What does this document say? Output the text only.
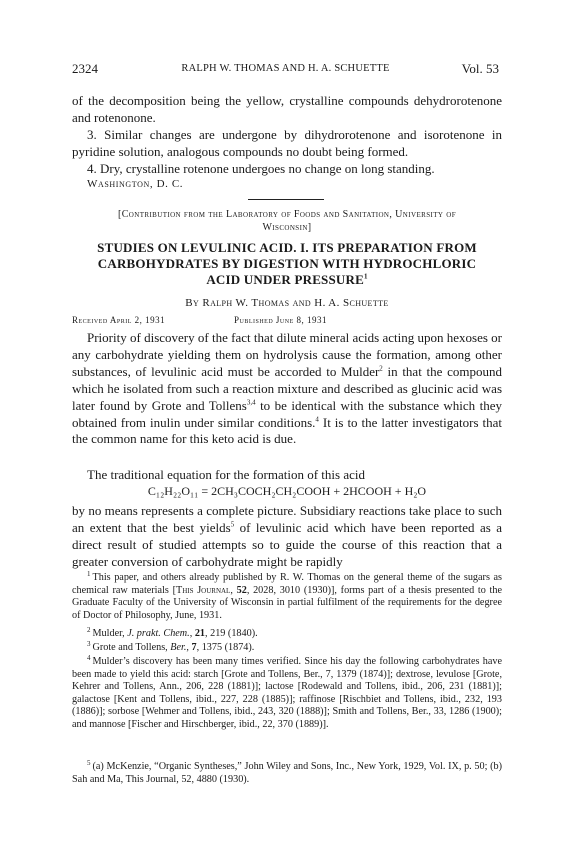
2324	RALPH W. THOMAS AND H. A. SCHUETTE	Vol. 53
of the decomposition being the yellow, crystalline compounds dehydrorotenone and rotenonone.
3. Similar changes are undergone by dihydrorotenone and isorotenone in pyridine solution, analogous compounds no doubt being formed.
4. Dry, crystalline rotenone undergoes no change on long standing.
Washington, D. C.
[Contribution from the Laboratory of Foods and Sanitation, University of
Wisconsin]
STUDIES ON LEVULINIC ACID. I. ITS PREPARATION FROM
CARBOHYDRATES BY DIGESTION WITH HYDROCHLORIC
ACID UNDER PRESSURE$^1$
By Ralph W. Thomas and H. A. Schuette
Received April 2, 1931	Published June 8, 1931
Priority of discovery of the fact that dilute mineral acids acting upon hexoses or any carbohydrate yielding them on hydrolysis cause the formation, among other substances, of levulinic acid must be accorded to Mulder$^2$ in that the compound which he isolated from such a reaction mixture and described as glucinic acid was later found by Grote and Tollens$^{3,4}$ to be identical with the substance which they obtained from inulin under similar conditions.$^4$ It is to the latter investigators that the common name for this keto acid is due.
The traditional equation for the formation of this acid
C₁₂H₂₂O₁₁ = 2CH₃COCH₂CH₂COOH + 2HCOOH + H₂O
by no means represents a complete picture. Subsidiary reactions take place to such an extent that the best yields$^5$ of levulinic acid which have been reported as a direct result of studied attempts so to guide the course of this reaction that a greater conversion of carbohydrate might be rapidly
$^1$ This paper, and others already published by R. W. Thomas on the general theme of the sugars as chemical raw materials [This Journal, 52, 2028, 3010 (1930)], forms part of a thesis presented to the Graduate Faculty of the University of Wisconsin in partial fulfilment of the requirements for the degree of Doctor of Philosophy, June, 1931.
$^2$ Mulder, J. prakt. Chem., 21, 219 (1840).
$^3$ Grote and Tollens, Ber., 7, 1375 (1874).
$^4$ Mulder’s discovery has been many times verified. Since his day the following carbohydrates have been made to yield this acid: starch [Grote and Tollens, Ber., 7, 1379 (1874)]; dextrose, levulose [Grote, Kehrer and Tollens, Ann., 206, 228 (1881)]; lactose [Rodewald and Tollens, ibid., 206, 231 (1881)]; galactose [Kent and Tollens, ibid., 227, 228 (1885)]; raffinose [Rischbiet and Tollens, ibid., 232, 193 (1886)]; sorbose [Wehmer and Tollens, ibid., 243, 320 (1888)]; Smith and Tollens, Ber., 33, 1286 (1900); and mannose [Fischer and Hirschberger, ibid., 22, 370 (1889)].
$^5$ (a) McKenzie, “Organic Syntheses,” John Wiley and Sons, Inc., New York, 1929, Vol. IX, p. 50; (b) Sah and Ma, This Journal, 52, 4880 (1930).
